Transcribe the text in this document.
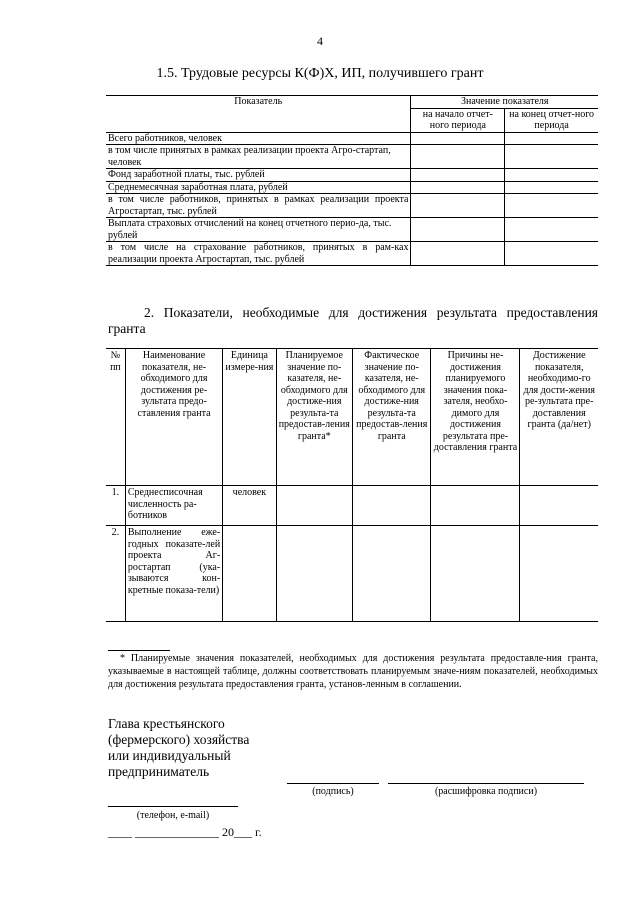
4
1.5. Трудовые ресурсы К(Ф)Х, ИП, получившего грант
Показатель	Значение показателя	
	на начало отчет-ного периода	на конец отчет-ного периода
Всего работников, человек		
в том числе принятых в рамках реализации проекта Агро-стартап, человек		
Фонд заработной платы, тыс. рублей		
Среднемесячная заработная плата, рублей		
в том числе работников, принятых в рамках реализации проекта Агростартап, тыс. рублей		
Выплата страховых отчислений на конец отчетного перио-да, тыс. рублей		
в том числе на страхование работников, принятых в рам-ках реализации проекта Агростартап, тыс. рублей		
2. Показатели, необходимые для достижения результата предоставления гранта
№ пп	Наименование показателя, не-обходимого для достижения ре-зультата предо-ставления гранта	Единица измере-ния	Планируемое значение по-казателя, не-обходимого для достиже-ния результа-та предостав-ления гранта*	Фактическое значение по-казателя, не-обходимого для достиже-ния результа-та предостав-ления гранта	Причины не-достижения планируемого значения пока-зателя, необхо-димого для достижения результата пре-доставления гранта	Достижение показателя, необходимо-го для дости-жения ре-зультата пре-доставления гранта (да/нет)
1.	Среднесписочная численность ра-ботников	человек				
2.	Выполнение еже-годных показате-лей проекта Аг-ростартап (ука-зываются кон-кретные показа-тели)					
* Планируемые значения показателей, необходимых для достижения результата предоставле-ния гранта, указываемые в настоящей таблице, должны соответствовать планируемым значе-ниям показателей, необходимых для достижения результата предоставления гранта, установ-ленным в соглашении.
Глава крестьянского
(фермерского) хозяйства
или индивидуальный
предприниматель
(подпись)	(расшифровка подписи)
(телефон, e-mail)
____ ______________ 20___ г.
